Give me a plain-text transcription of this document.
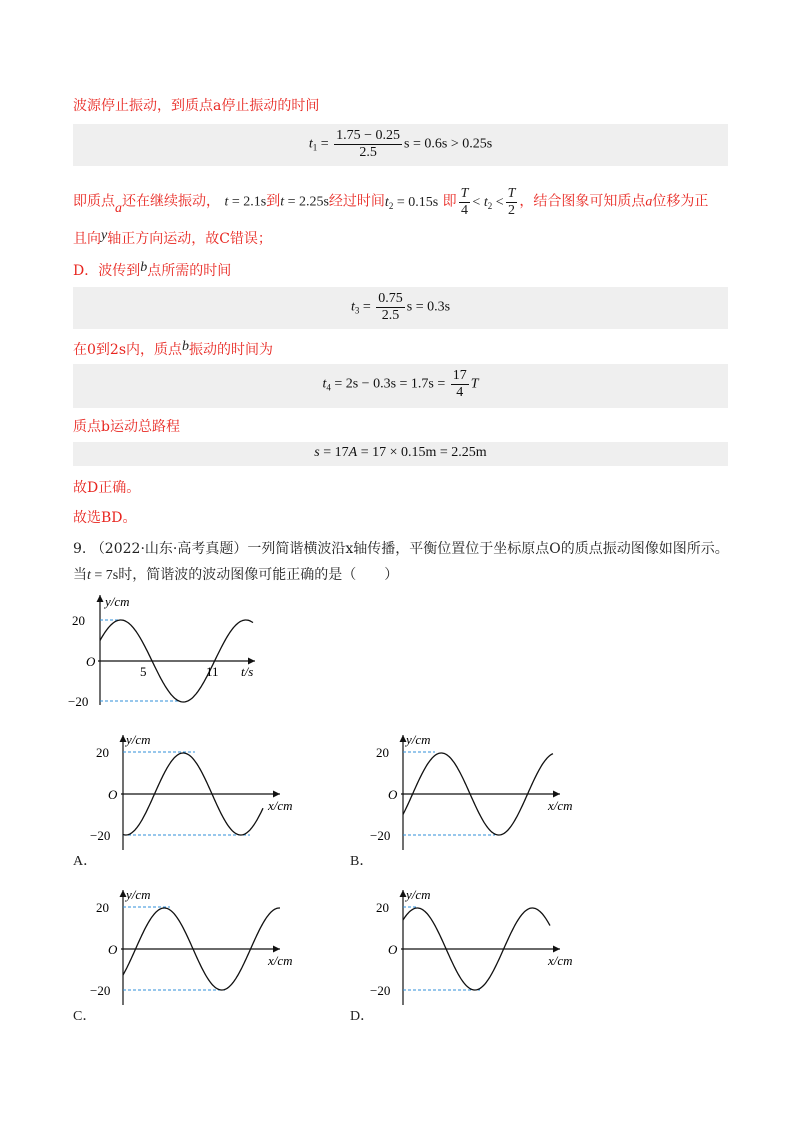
波源停止振动，到质点a停止振动的时间
$t_1 = \frac{1.75 - 0.25}{2.5}$ s = 0.6s > 0.25s
即质点a还在继续振动， t = 2.1s到t = 2.25s经过时间$t_2 = 0.15s$ 即 $\frac{T}{4} < t_2 < \frac{T}{2}$ ，结合图象可知质点a位移为正
且向y轴正方向运动，故C错误；
D．波传到b点所需的时间
$t_3 = \frac{0.75}{2.5}$ s = 0.3s
在0到2s内，质点b振动的时间为
$t_4 = 2s - 0.3s = 1.7s = \frac{17}{4}$ T
质点b运动总路程
s = 17A = 17 × 0.15m = 2.25m
故D正确。
故选BD。
9. （2022·山东·高考真题）一列简谐横波沿x轴传播，平衡位置位于坐标原点O的质点振动图像如图所示。
当t = 7s时，简谐波的波动图像可能正确的是（　　）
y/cm
20
O
−20
5	11 t/s
y/cm
20
O
−20
x/cm
A．
y/cm
20
O
−20
x/cm
B．
y/cm
20
O
−20
x/cm
C．
y/cm
20
O
−20
x/cm
D．
